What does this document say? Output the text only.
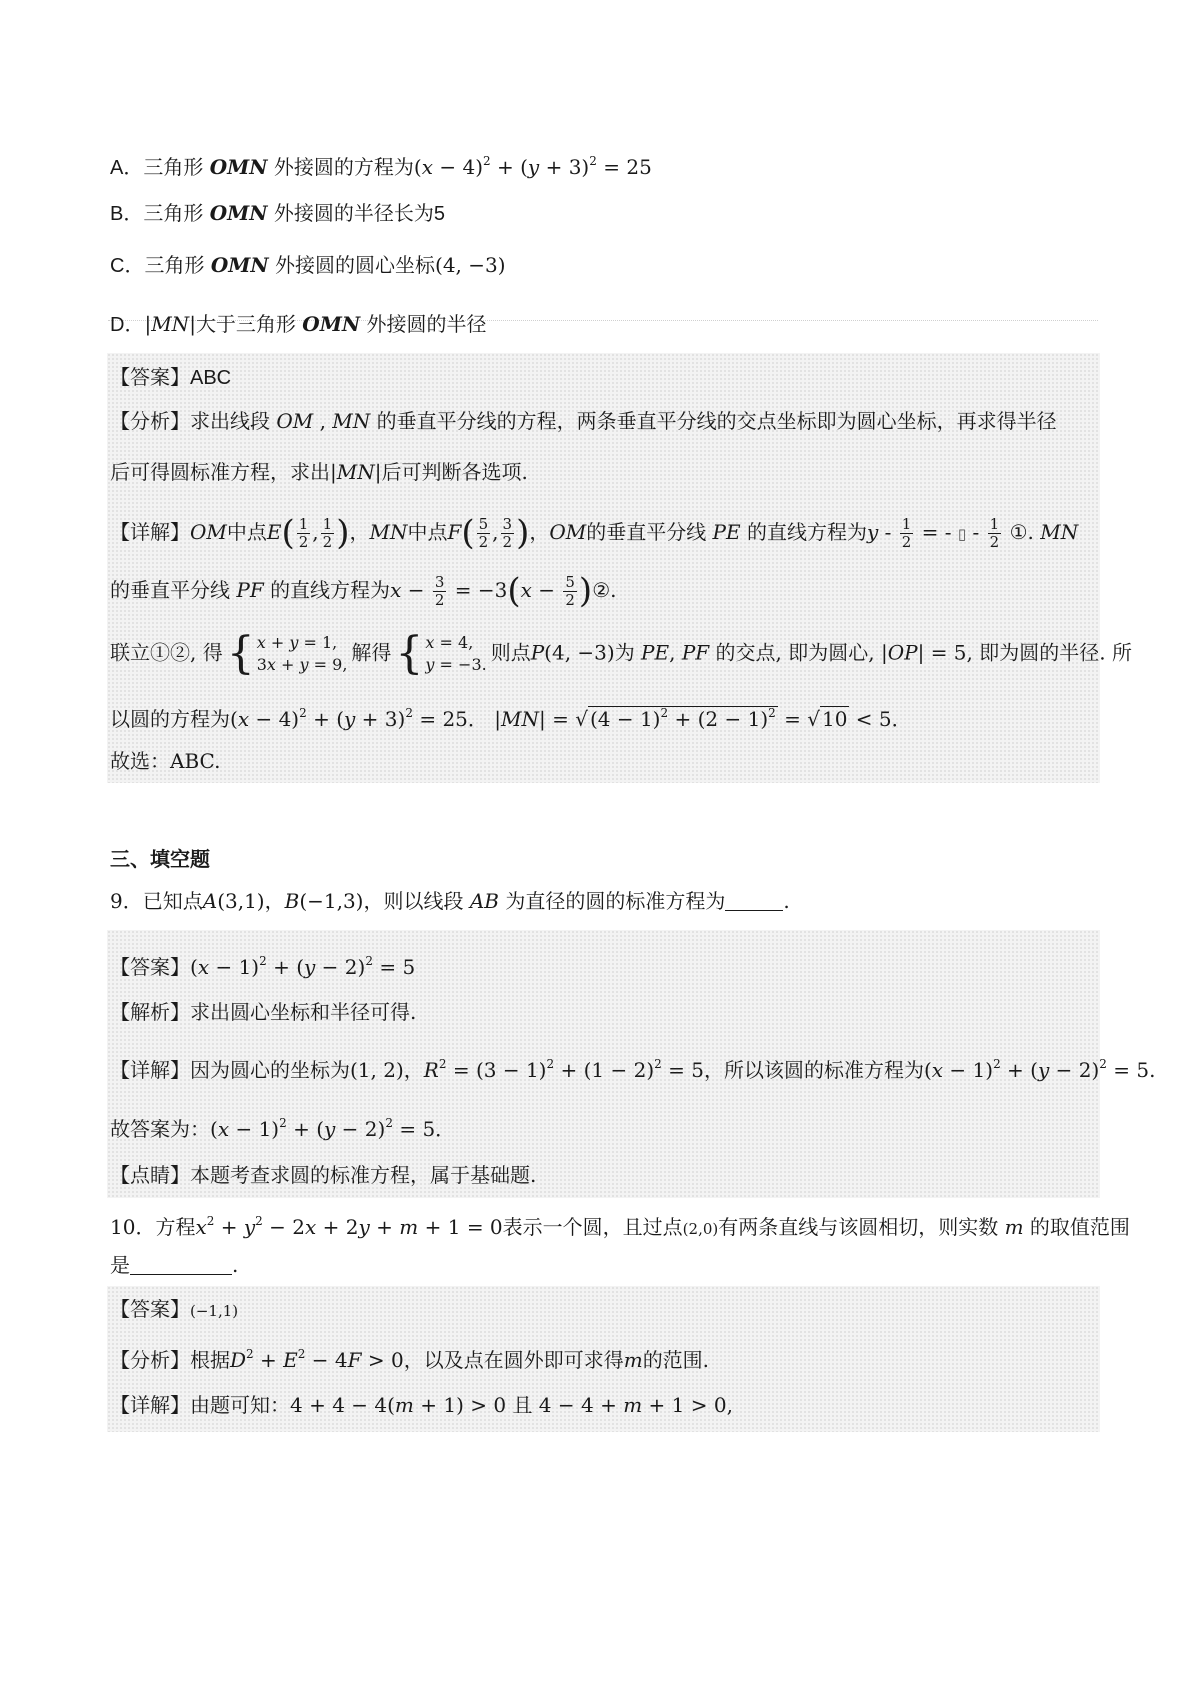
A．三角形 OMN 外接圆的方程为$(x - 4)^2 + (y + 3)^2 = 25$
B．三角形 OMN 外接圆的半径长为5
C．三角形 OMN 外接圆的圆心坐标(4, −3)
D．|MN|大于三角形 OMN 外接圆的半径
【答案】ABC
【分析】求出线段 OM , MN 的垂直平分线的方程，两条垂直平分线的交点坐标即为圆心坐标，再求得半径
后可得圆标准方程，求出|MN|后可判断各选项.
【详解】OM中点$E( \frac{1}{2}$ , $\frac{1}{2}$ )，MN中点$F( \frac{5}{2}$ , $\frac{3}{2}$ )，OM的垂直平分线 PE 的直线方程为y - $\frac{1}{2}$ = - ▯ - $\frac{1}{2}$ ①. MN
的垂直平分线 PF 的直线方程为$x - \frac{3}{2} = -3(x - \frac{5}{2}$ )②.
联立①②, 得 { x + y = 1,
3x + y = 9, 解得 { x = 4,
y = −3. 则点P(4, −3)为 PE, PF 的交点, 即为圆心, |OP| = 5, 即为圆的半径. 所
以圆的方程为$(x - 4)^2 + (y + 3)^2 = 25$． |MN| = √ $(4 - 1)^2 + (2 - 1)^2$ = √ 10 < 5．
故选：ABC.
三、填空题
9．已知点A(3,1)，B(−1,3)，则以线段 AB 为直径的圆的标准方程为	.
【答案】$(x - 1)^2 + (y - 2)^2 = 5$
【解析】求出圆心坐标和半径可得.
【详解】因为圆心的坐标为(1, 2)，$R^2 = (3 - 1)^2 + (1 - 2)^2 = 5$，所以该圆的标准方程为$(x - 1)^2 + (y - 2)^2 = 5$.
故答案为：$(x - 1)^2 + (y - 2)^2 = 5$．
【点睛】本题考查求圆的标准方程，属于基础题.
10．方程$x^2 + y^2 - 2x + 2y + m + 1 = 0$表示一个圆，且过点(2,0)有两条直线与该圆相切，则实数 m 的取值范围
是	.
【答案】(−1,1)
【分析】根据$D^2 + E^2 - 4F > 0$，以及点在圆外即可求得m的范围.
【详解】由题可知：4 + 4 − 4(m + 1) > 0 且 4 − 4 + m + 1 > 0,
